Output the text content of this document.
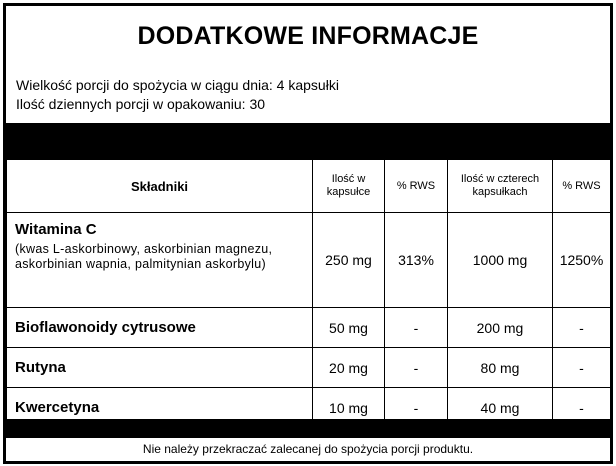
DODATKOWE INFORMACJE
Wielkość porcji do spożycia w ciągu dnia: 4 kapsułki
Ilość dziennych porcji w opakowaniu: 30
Składniki	Ilość w kapsułce	% RWS	Ilość w czterech kapsułkach	% RWS
Witamina C
(kwas L-askorbinowy, askorbinian magnezu, askorbinian wapnia, palmitynian askorbylu)	250 mg	313%	1000 mg	1250%
Bioflawonoidy cytrusowe	50 mg	-	200 mg	-
Rutyna	20 mg	-	80 mg	-
Kwercetyna	10 mg	-	40 mg	-
Nie należy przekraczać zalecanej do spożycia porcji produktu.
